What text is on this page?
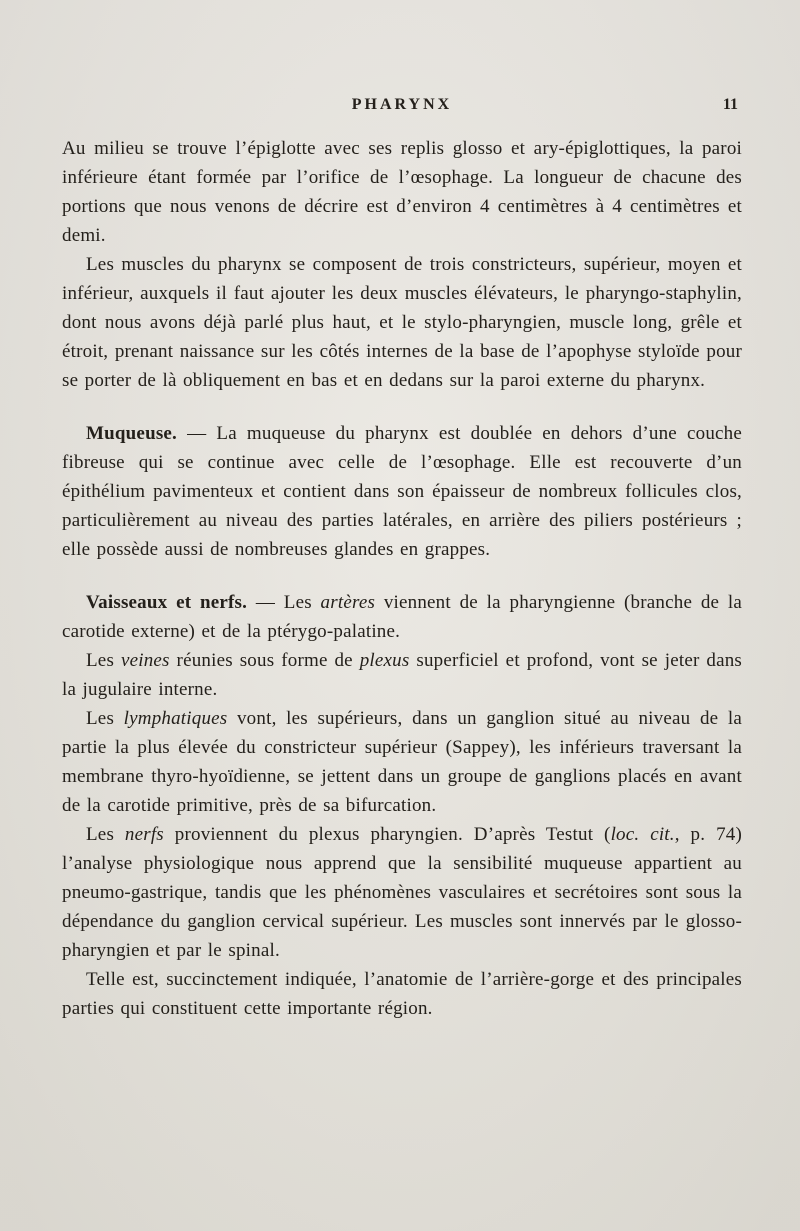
PHARYNX	11

Au milieu se trouve l’épiglotte avec ses replis glosso et ary-épiglottiques, la paroi inférieure étant formée par l’orifice de l’œsophage. La longueur de chacune des portions que nous venons de décrire est d’environ 4 centimètres à 4 centimètres et demi.

Les muscles du pharynx se composent de trois constricteurs, supérieur, moyen et inférieur, auxquels il faut ajouter les deux muscles élévateurs, le pharyngo-staphylin, dont nous avons déjà parlé plus haut, et le stylo-pharyngien, muscle long, grêle et étroit, prenant naissance sur les côtés internes de la base de l’apophyse styloïde pour se porter de là obliquement en bas et en dedans sur la paroi externe du pharynx.

Muqueuse. — La muqueuse du pharynx est doublée en dehors d’une couche fibreuse qui se continue avec celle de l’œsophage. Elle est recouverte d’un épithélium pavimenteux et contient dans son épaisseur de nombreux follicules clos, particulièrement au niveau des parties latérales, en arrière des piliers postérieurs ; elle possède aussi de nombreuses glandes en grappes.

Vaisseaux et nerfs. — Les artères viennent de la pharyngienne (branche de la carotide externe) et de la ptérygo-palatine.

Les veines réunies sous forme de plexus superficiel et profond, vont se jeter dans la jugulaire interne.

Les lymphatiques vont, les supérieurs, dans un ganglion situé au niveau de la partie la plus élevée du constricteur supérieur (Sappey), les inférieurs traversant la membrane thyro-hyoïdienne, se jettent dans un groupe de ganglions placés en avant de la carotide primitive, près de sa bifurcation.

Les nerfs proviennent du plexus pharyngien. D’après Testut (loc. cit., p. 74) l’analyse physiologique nous apprend que la sensibilité muqueuse appartient au pneumo-gastrique, tandis que les phénomènes vasculaires et secrétoires sont sous la dépendance du ganglion cervical supérieur. Les muscles sont innervés par le glosso-pharyngien et par le spinal.

Telle est, succinctement indiquée, l’anatomie de l’arrière-gorge et des principales parties qui constituent cette importante région.
